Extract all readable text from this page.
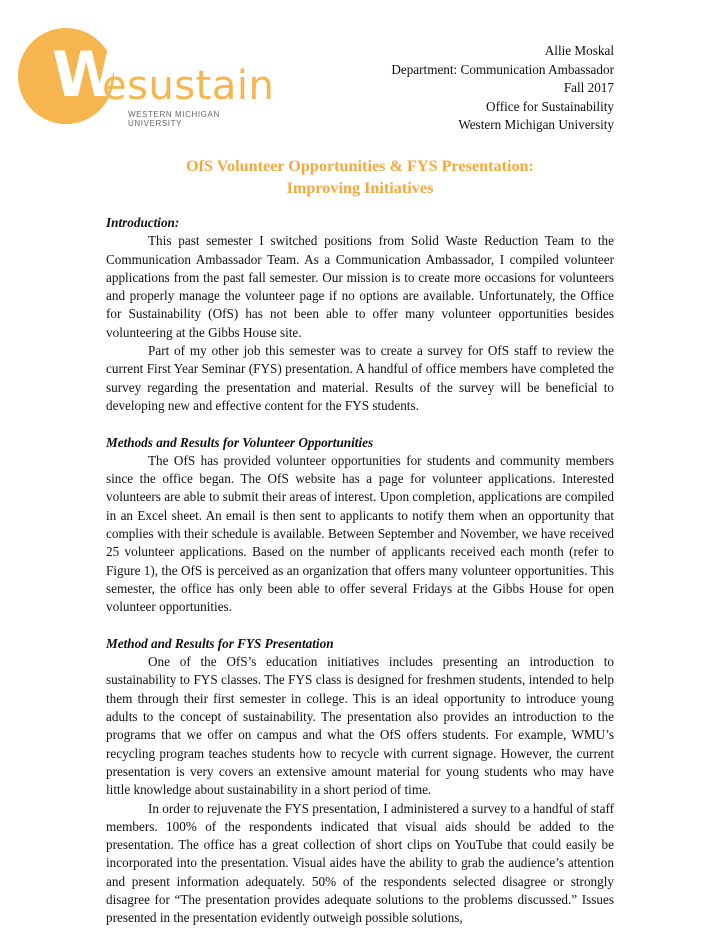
W
esustain
WESTERN MICHIGAN UNIVERSITY
Allie Moskal
Department: Communication Ambassador
Fall 2017
Office for Sustainability
Western Michigan University
OfS Volunteer Opportunities & FYS Presentation:
Improving Initiatives
Introduction:

This past semester I switched positions from Solid Waste Reduction Team to the Communication Ambassador Team. As a Communication Ambassador, I compiled volunteer applications from the past fall semester. Our mission is to create more occasions for volunteers and properly manage the volunteer page if no options are available. Unfortunately, the Office for Sustainability (OfS) has not been able to offer many volunteer opportunities besides volunteering at the Gibbs House site.

Part of my other job this semester was to create a survey for OfS staff to review the current First Year Seminar (FYS) presentation. A handful of office members have completed the survey regarding the presentation and material. Results of the survey will be beneficial to developing new and effective content for the FYS students.

Methods and Results for Volunteer Opportunities

The OfS has provided volunteer opportunities for students and community members since the office began. The OfS website has a page for volunteer applications. Interested volunteers are able to submit their areas of interest. Upon completion, applications are compiled in an Excel sheet. An email is then sent to applicants to notify them when an opportunity that complies with their schedule is available. Between September and November, we have received 25 volunteer applications. Based on the number of applicants received each month (refer to Figure 1), the OfS is perceived as an organization that offers many volunteer opportunities. This semester, the office has only been able to offer several Fridays at the Gibbs House for open volunteer opportunities.

Method and Results for FYS Presentation

One of the OfS’s education initiatives includes presenting an introduction to sustainability to FYS classes. The FYS class is designed for freshmen students, intended to help them through their first semester in college. This is an ideal opportunity to introduce young adults to the concept of sustainability. The presentation also provides an introduction to the programs that we offer on campus and what the OfS offers students. For example, WMU’s recycling program teaches students how to recycle with current signage. However, the current presentation is very covers an extensive amount material for young students who may have little knowledge about sustainability in a short period of time.

In order to rejuvenate the FYS presentation, I administered a survey to a handful of staff members. 100% of the respondents indicated that visual aids should be added to the presentation. The office has a great collection of short clips on YouTube that could easily be incorporated into the presentation. Visual aides have the ability to grab the audience’s attention and present information adequately. 50% of the respondents selected disagree or strongly disagree for “The presentation provides adequate solutions to the problems discussed.” Issues presented in the presentation evidently outweigh possible solutions,
